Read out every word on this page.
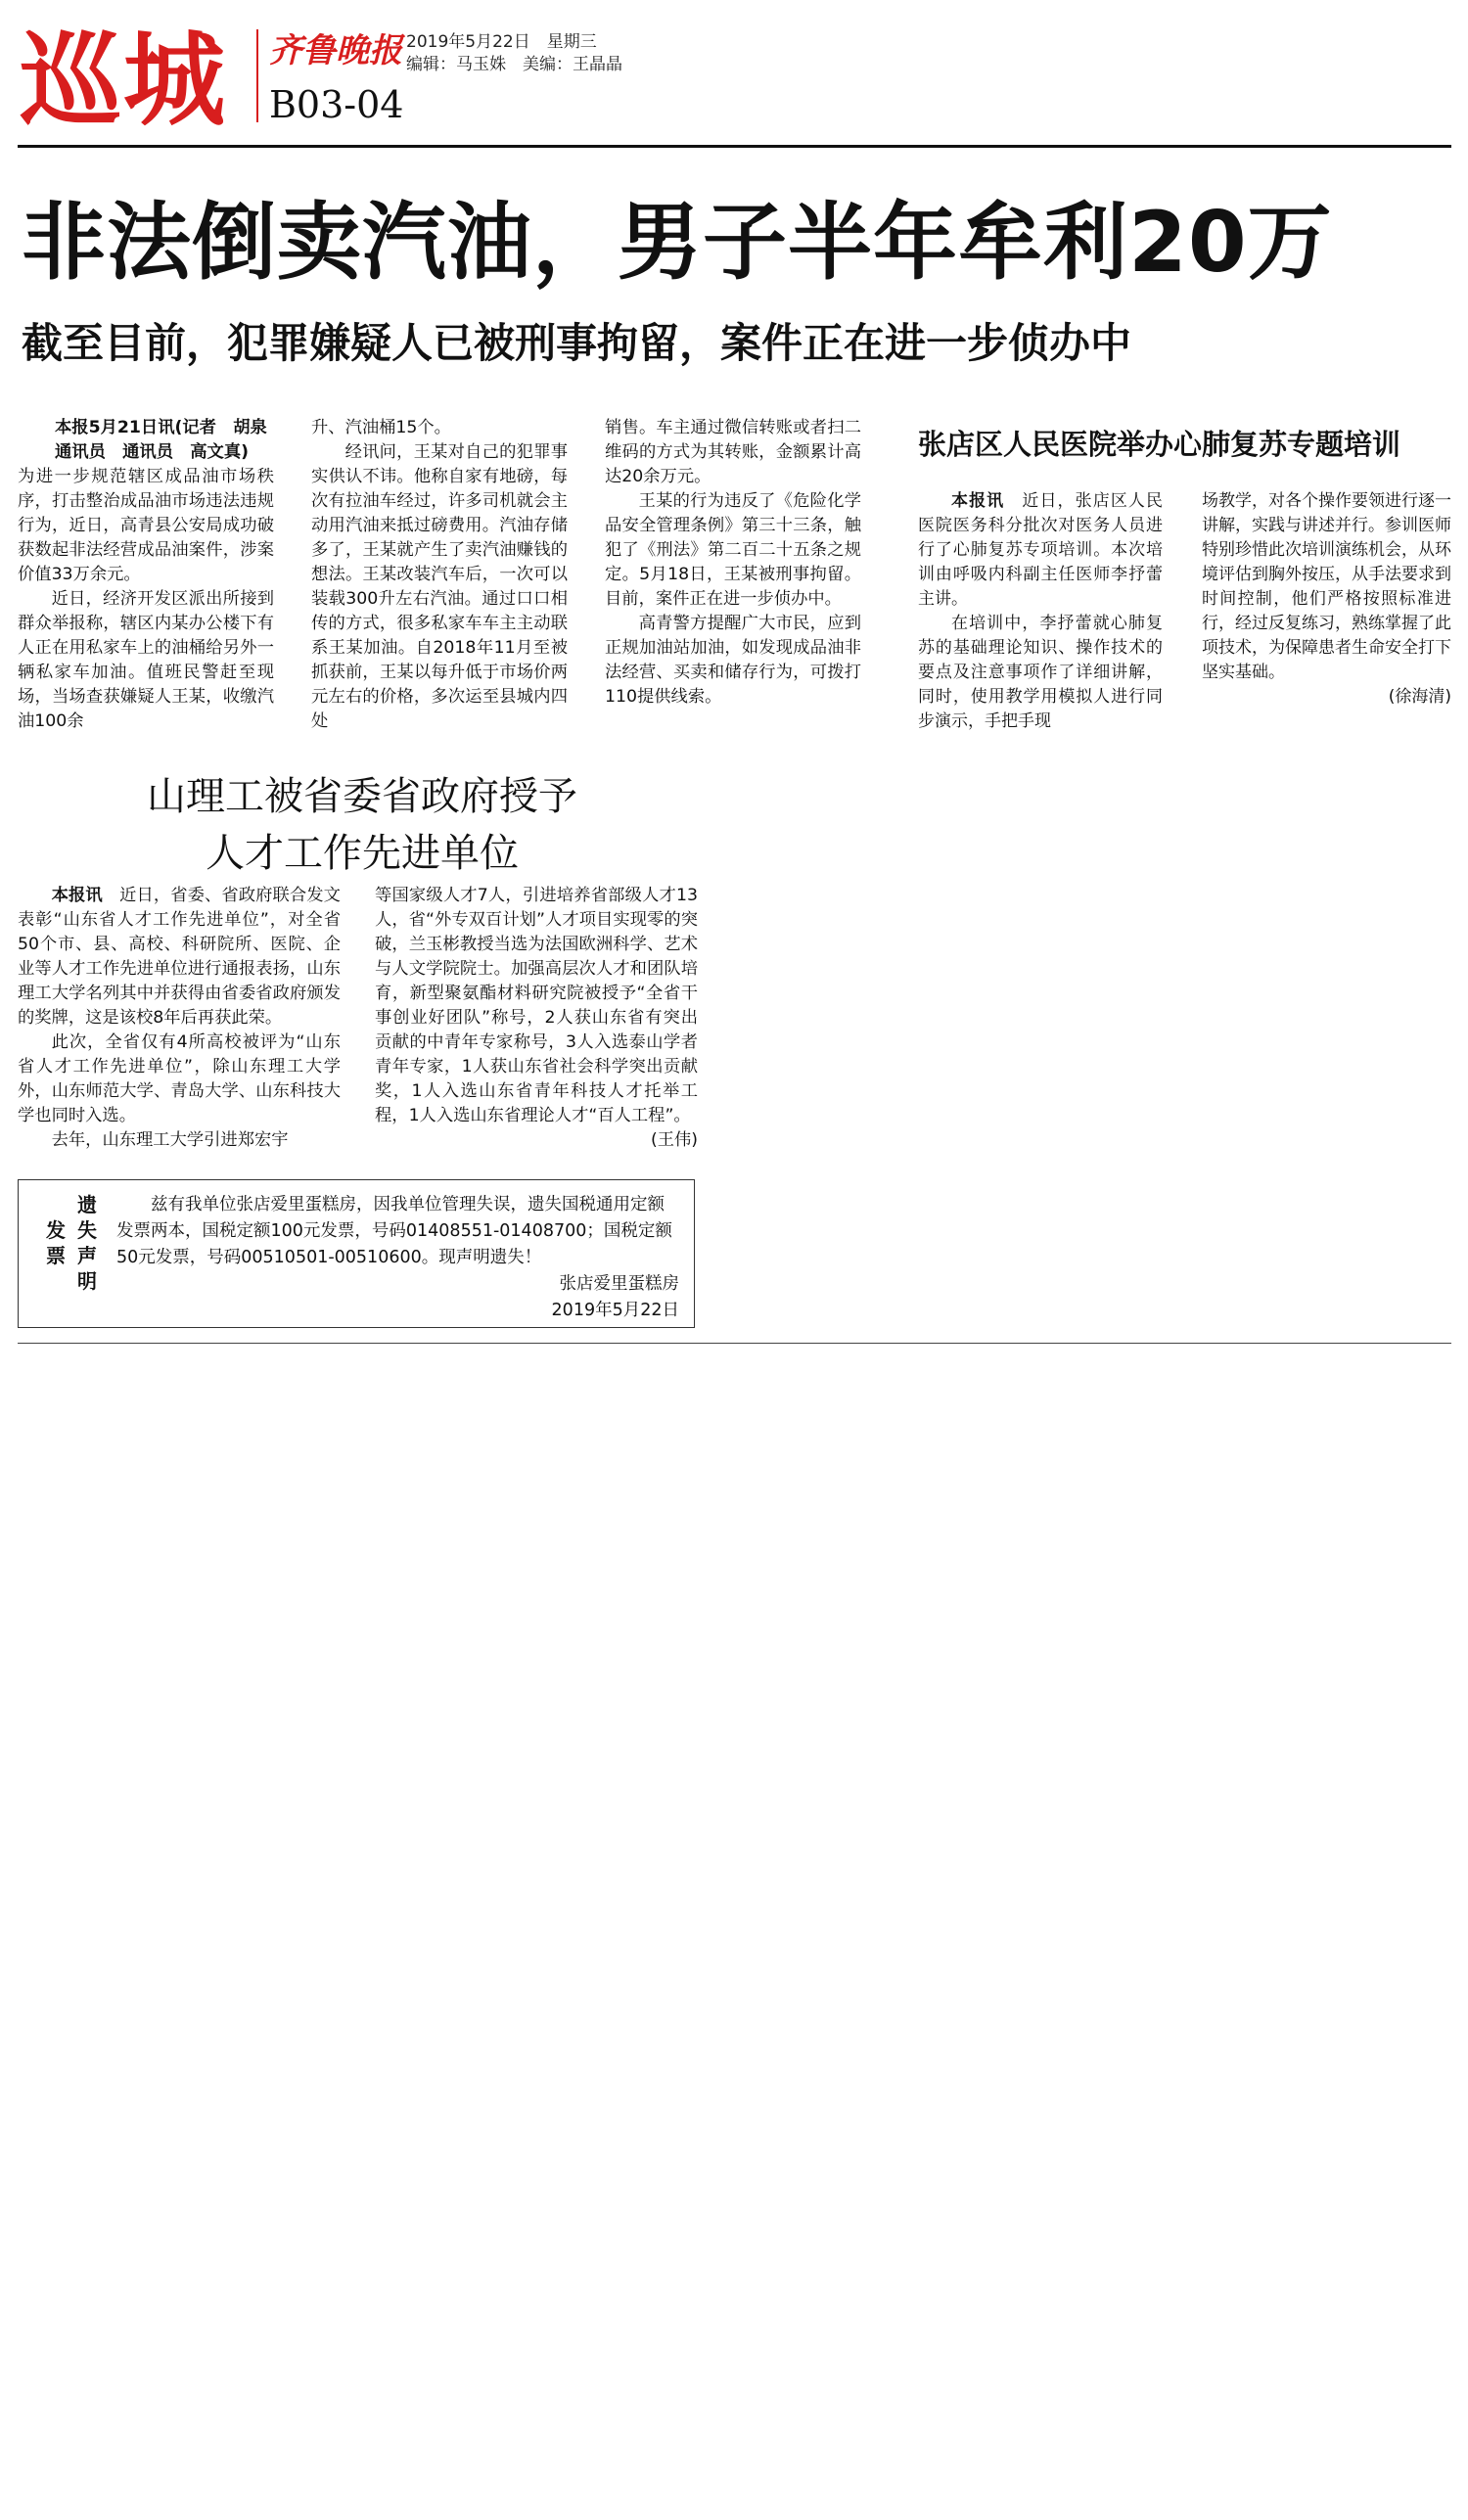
巡城 齐鲁晚报 2019年5月22日　星期三
编辑：马玉姝　美编：王晶晶
B03-04
非法倒卖汽油，男子半年牟利20万
截至目前，犯罪嫌疑人已被刑事拘留，案件正在进一步侦办中

本报5月21日讯(记者　胡泉

通讯员　通讯员　高文真)

为进一步规范辖区成品油市场秩序，打击整治成品油市场违法违规行为，近日，高青县公安局成功破获数起非法经营成品油案件，涉案价值33万余元。

近日，经济开发区派出所接到群众举报称，辖区内某办公楼下有人正在用私家车上的油桶给另外一辆私家车加油。值班民警赶至现场，当场查获嫌疑人王某，收缴汽油100余

升、汽油桶15个。

经讯问，王某对自己的犯罪事实供认不讳。他称自家有地磅，每次有拉油车经过，许多司机就会主动用汽油来抵过磅费用。汽油存储多了，王某就产生了卖汽油赚钱的想法。王某改装汽车后，一次可以装载300升左右汽油。通过口口相传的方式，很多私家车车主主动联系王某加油。自2018年11月至被抓获前，王某以每升低于市场价两元左右的价格，多次运至县城内四处

销售。车主通过微信转账或者扫二维码的方式为其转账，金额累计高达20余万元。

王某的行为违反了《危险化学品安全管理条例》第三十三条，触犯了《刑法》第二百二十五条之规定。5月18日，王某被刑事拘留。目前，案件正在进一步侦办中。

高青警方提醒广大市民，应到正规加油站加油，如发现成品油非法经营、买卖和储存行为，可拨打110提供线索。

张店区人民医院举办心肺复苏专题培训

本报讯　 近日，张店区人民医院医务科分批次对医务人员进行了心肺复苏专项培训。本次培训由呼吸内科副主任医师李抒蕾主讲。

在培训中，李抒蕾就心肺复苏的基础理论知识、操作技术的要点及注意事项作了详细讲解，同时，使用教学用模拟人进行同步演示，手把手现

场教学，对各个操作要领进行逐一讲解，实践与讲述并行。参训医师特别珍惜此次培训演练机会，从环境评估到胸外按压，从手法要求到时间控制，他们严格按照标准进行，经过反复练习，熟练掌握了此项技术，为保障患者生命安全打下坚实基础。

(徐海清)

山理工被省委省政府授予
人才工作先进单位

本报讯　 近日，省委、省政府联合发文表彰“山东省人才工作先进单位”，对全省50个市、县、高校、科研院所、医院、企业等人才工作先进单位进行通报表扬，山东理工大学名列其中并获得由省委省政府颁发的奖牌，这是该校8年后再获此荣。

此次，全省仅有4所高校被评为“山东省人才工作先进单位”，除山东理工大学外，山东师范大学、青岛大学、山东科技大学也同时入选。

去年，山东理工大学引进郑宏宇

等国家级人才7人，引进培养省部级人才13人，省“外专双百计划”人才项目实现零的突破，兰玉彬教授当选为法国欧洲科学、艺术与人文学院院士。加强高层次人才和团队培育，新型聚氨酯材料研究院被授予“全省干事创业好团队”称号，2人获山东省有突出贡献的中青年专家称号，3人入选泰山学者青年专家，1人获山东省社会科学突出贡献奖，1人入选山东省青年科技人才托举工程，1人入选山东省理论人才“百人工程”。

(王伟)

遗
失
声
明
发
票

兹有我单位张店爱里蛋糕房，因我单位管理失误，遗失国税通用定额发票两本，国税定额100元发票，号码01408551-01408700；国税定额50元发票，号码00510501-00510600。现声明遗失！

张店爱里蛋糕房

2019年5月22日
